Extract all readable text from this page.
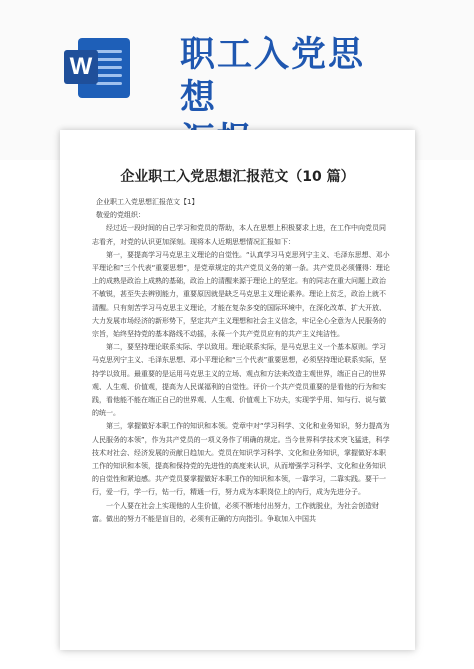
W	职工入党思想
企业职工入党思想汇报范文（10 篇）

企业职工入党思想汇报范文【1】

敬爱的党组织：

经过近一段时间的自己学习和党员的帮助，本人在思想上积极要求上进，在工作中向党员同志看齐，对党的认识更加深刻。现将本人近期思想情况汇报如下：

第一，要提高学习马克思主义理论的自觉性。“认真学习马克思列宁主义、毛泽东思想、邓小平理论和”三个代表“重要思想”，是党章规定的共产党员义务的第一条。共产党员必须懂得：理论上的成熟是政治上成熟的基础，政治上的清醒来源于理论上的坚定。有的同志在重大问题上政治不敏锐，甚至失去辨别能力，重要原因就是缺乏马克思主义理论素养。理论上贫乏，政治上就不清醒。只有刻苦学习马克思主义理论，才能在复杂多变的国际环境中，在深化改革、扩大开放、大力发展市场经济的新形势下，坚定共产主义理想和社会主义信念，牢记全心全意为人民服务的宗旨，始终坚持党的基本路线不动摇，永葆一个共产党员应有的共产主义纯洁性。

第二，要坚持理论联系实际、学以致用。理论联系实际，是马克思主义一个基本原则。学习马克思列宁主义、毛泽东思想、邓小平理论和“三个代表”重要思想，必须坚持理论联系实际，坚持学以致用。最重要的是运用马克思主义的立场、观点和方法来改造主观世界，端正自己的世界观、人生观、价值观，提高为人民谋福利的自觉性。评价一个共产党员重要的是看他的行为和实践，看他能不能在端正自己的世界观、人生观、价值观上下功夫，实现学乎用、知与行、说与做的统一。

第三，掌握做好本职工作的知识和本领。党章中对“学习科学、文化和业务知识，努力提高为人民服务的本领”，作为共产党员的一项义务作了明确的规定。当今世界科学技术突飞猛进，科学技术对社会、经济发展的贡献日趋加大。党员在知识学习科学、文化和业务知识，掌握做好本职工作的知识和本领，提高和保持党的先进性的高度来认识，从而增强学习科学、文化和业务知识的自觉性和紧迫感。共产党员要掌握做好本职工作的知识和本领，一靠学习，二靠实践。要干一行，爱一行，学一行，钻一行，精通一行，努力成为本职岗位上的内行，成为先进分子。

一个人要在社会上实现他的人生价值，必须不断地付出努力，工作就脱业，为社会创造财富。做出的努力不能是盲目的，必须有正确的方向指引。争取加入中国共
